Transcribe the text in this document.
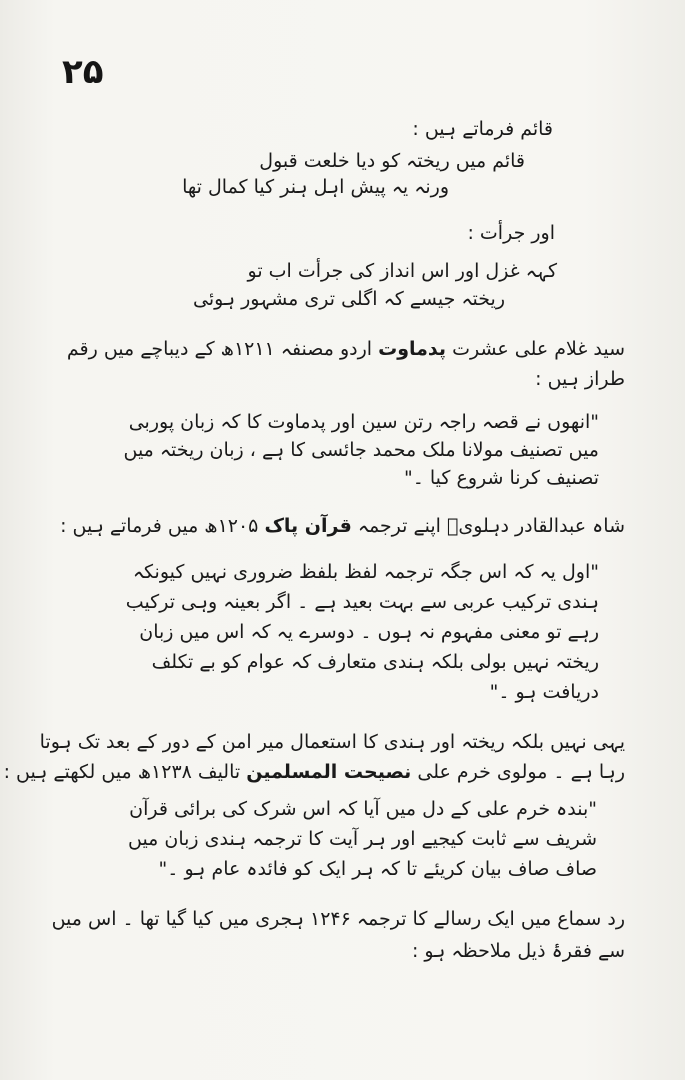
۲۵
قائم فرماتے ہیں :
قائم میں ریختہ کو دیا خلعت قبول
ورنہ یہ پیش اہل ہنر کیا کمال تھا
اور جرأت :
کہہ غزل اور اس انداز کی جرأت اب تو
ریختہ جیسے کہ اگلی تری مشہور ہوئی
سید غلام علی عشرت پدماوت اردو مصنفہ ۱۲۱۱ھ کے دیباچے میں رقم
طراز ہیں :
"انھوں نے قصہ راجہ رتن سین اور پدماوت کا کہ زبان پوربی
میں تصنیف مولانا ملک محمد جائسی کا ہے ، زبان ریختہ میں
تصنیف کرنا شروع کیا ۔"
شاہ عبدالقادر دہلویؒ اپنے ترجمہ قرآن پاک ۱۲۰۵ھ میں فرماتے ہیں :
"اول یہ کہ اس جگہ ترجمہ لفظ بلفظ ضروری نہیں کیونکہ
ہندی ترکیب عربی سے بہت بعید ہے ۔ اگر بعینہ وہی ترکیب
رہے تو معنی مفہوم نہ ہوں ۔ دوسرے یہ کہ اس میں زبان
ریختہ نہیں بولی بلکہ ہندی متعارف کہ عوام کو بے تکلف
دریافت ہو ۔"
یہی نہیں بلکہ ریختہ اور ہندی کا استعمال میر امن کے دور کے بعد تک ہوتا
رہا ہے ۔ مولوی خرم علی نصیحت المسلمین تالیف ۱۲۳۸ھ میں لکھتے ہیں :
"بندہ خرم علی کے دل میں آیا کہ اس شرک کی برائی قرآن
شریف سے ثابت کیجیے اور ہر آیت کا ترجمہ ہندی زبان میں
صاف صاف بیان کریئے تا کہ ہر ایک کو فائدہ عام ہو ۔"
رد سماع میں ایک رسالے کا ترجمہ ۱۲۴۶ ہجری میں کیا گیا تھا ۔ اس میں
سے فقرۂ ذیل ملاحظہ ہو :
